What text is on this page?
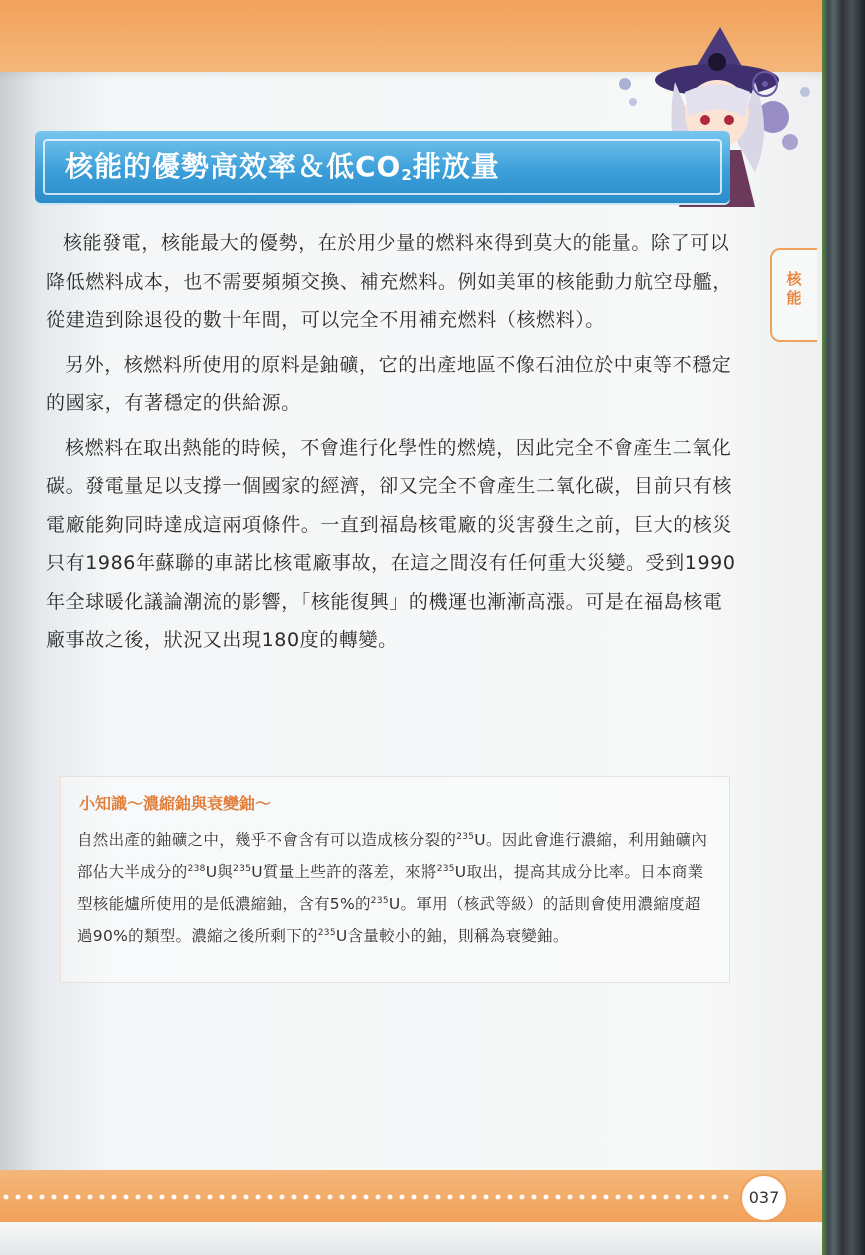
核能的優勢高效率＆低$CO_2$排放量
核能

核能發電，核能最大的優勢，在於用少量的燃料來得到莫大的能量。除了可以降低燃料成本，也不需要頻頻交換、補充燃料。例如美軍的核能動力航空母艦，從建造到除退役的數十年間，可以完全不用補充燃料（核燃料）。

另外，核燃料所使用的原料是鈾礦，它的出產地區不像石油位於中東等不穩定的國家，有著穩定的供給源。

核燃料在取出熱能的時候，不會進行化學性的燃燒，因此完全不會產生二氧化碳。發電量足以支撐一個國家的經濟，卻又完全不會產生二氧化碳，目前只有核電廠能夠同時達成這兩項條件。一直到福島核電廠的災害發生之前，巨大的核災只有1986年蘇聯的車諾比核電廠事故，在這之間沒有任何重大災變。受到1990年全球暖化議論潮流的影響，「核能復興」的機運也漸漸高漲。可是在福島核電廠事故之後，狀況又出現180度的轉變。

小知識～濃縮鈾與衰變鈾～

自然出產的鈾礦之中，幾乎不會含有可以造成核分裂的$^{235}$U。因此會進行濃縮，利用鈾礦內部佔大半成分的$^{238}$U與$^{235}$U質量上些許的落差，來將$^{235}$U取出，提高其成分比率。日本商業型核能爐所使用的是低濃縮鈾，含有5%的$^{235}$U。軍用（核武等級）的話則會使用濃縮度超過90%的類型。濃縮之後所剩下的$^{235}$U含量較小的鈾，則稱為衰變鈾。

037
